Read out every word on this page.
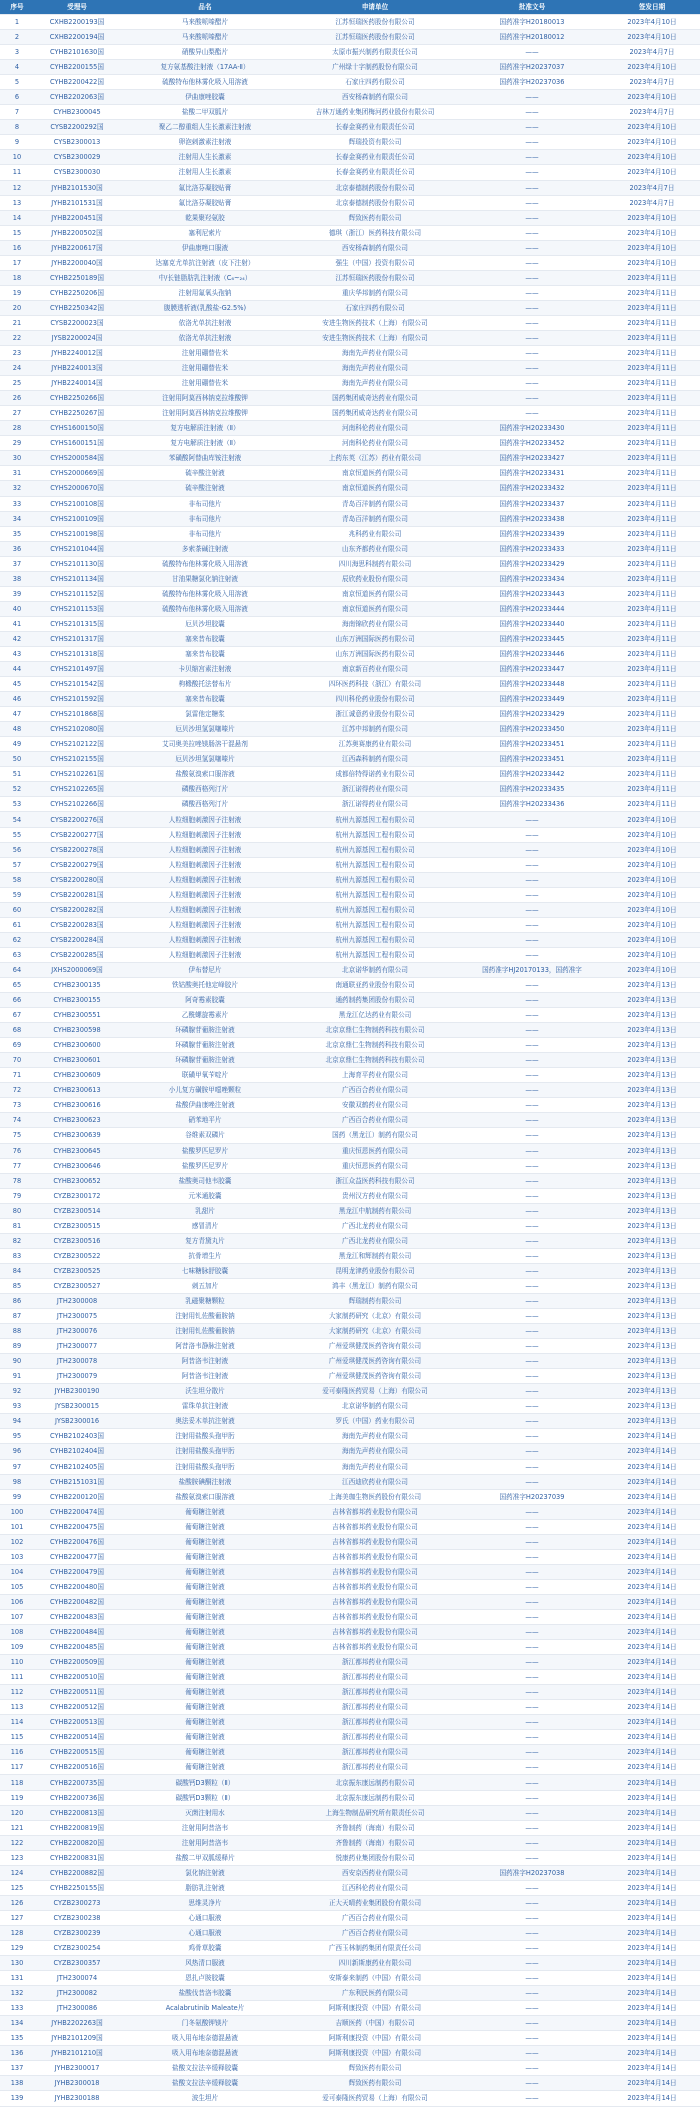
序号	受理号	品名	申请单位	批准文号	签发日期
1	CXHB2200193国	马来酸哌嗪醋片	江苏恒瑞医药股份有限公司	国药准字H20180013	2023年4月10日
2	CXHB2200194国	马来酸哌嗪醋片	江苏恒瑞医药股份有限公司	国药准字H20180012	2023年4月10日
3	CYHB2101630国	硝酸异山梨酯片	太原市振兴制药有限责任公司	——	2023年4月7日
4	CYHB2200155国	复方氨基酸注射液（17AA-Ⅱ）	广州绿十字制药股份有限公司	国药准字H20237037	2023年4月10日
5	CYHB2200422国	硫酸特布他林雾化吸入用溶液	石家庄四药有限公司	国药准字H20237036	2023年4月7日
6	CYHB2202063国	伊曲康唑胶囊	西安杨森制药有限公司	——	2023年4月10日
7	CYHB2300045	盐酸二甲双胍片	吉林万通药业集团梅河药业股份有限公司	——	2023年4月7日
8	CYSB2200292国	聚乙二醇重组人生长激素注射液	长春金赛药业有限责任公司	——	2023年4月10日
9	CYSB2300013	卵泡刺激素注射液	辉瑞投资有限公司	——	2023年4月10日
10	CYSB2300029	注射用人生长激素	长春金赛药业有限责任公司	——	2023年4月10日
11	CYSB2300030	注射用人生长激素	长春金赛药业有限责任公司	——	2023年4月10日
12	JYHB2101530国	氟比洛芬凝胶贴膏	北京泰德制药股份有限公司	——	2023年4月7日
13	JYHB2101531国	氟比洛芬凝胶贴膏	北京泰德制药股份有限公司	——	2023年4月7日
14	JYHB2200451国	乾果聚羟氨胶	辉致医药有限公司	——	2023年4月10日
15	JYHB2200502国	塞利尼索片	德琪（浙江）医药科技有限公司	——	2023年4月10日
16	JYHB2200617国	伊曲康唑口服液	西安杨森制药有限公司	——	2023年4月10日
17	JYHB2200040国	达塞克尤单抗注射液（皮下注射）	强生（中国）投资有限公司	——	2023年4月10日
18	CYHB2250189国	中/长链脂肪乳注射液（C₆~₂₄）	江苏恒瑞医药股份有限公司	——	2023年4月11日
19	CYHB2250206国	注射用氟氧头孢钠	重庆华邦制药有限公司	——	2023年4月11日
20	CYHB2250342国	腹膜透析液(乳酸盐-G2.5%)	石家庄四药有限公司	——	2023年4月11日
21	CYSB2200023国	依洛尤单抗注射液	安进生物医药技术（上海）有限公司	——	2023年4月11日
22	JYSB2200024国	依洛尤单抗注射液	安进生物医药技术（上海）有限公司	——	2023年4月11日
23	JYHB2240012国	注射用硼替佐米	海南先声药业有限公司	——	2023年4月11日
24	JYHB2240013国	注射用硼替佐米	海南先声药业有限公司	——	2023年4月11日
25	JYHB2240014国	注射用硼替佐米	海南先声药业有限公司	——	2023年4月11日
26	CYHB2250266国	注射用阿莫西林钠克拉维酸钾	国药集团威奇达药业有限公司	——	2023年4月11日
27	CYHB2250267国	注射用阿莫西林钠克拉维酸钾	国药集团威奇达药业有限公司	——	2023年4月11日
28	CYHS1600150国	复方电解质注射液（Ⅱ）	河南科伦药业有限公司	国药准字H20233430	2023年4月11日
29	CYHS1600151国	复方电解质注射液（Ⅱ）	河南科伦药业有限公司	国药准字H20233452	2023年4月11日
30	CYHS2000584国	苯磺酸阿替曲库铵注射液	上药东英（江苏）药业有限公司	国药准字H20233427	2023年4月11日
31	CYHS2000669国	硫辛酸注射液	南京恒道医药有限公司	国药准字H20233431	2023年4月11日
32	CYHS2000670国	硫辛酸注射液	南京恒道医药有限公司	国药准字H20233432	2023年4月11日
33	CYHS2100108国	非布司他片	青岛百洋制药有限公司	国药准字H20233437	2023年4月11日
34	CYHS2100109国	非布司他片	青岛百洋制药有限公司	国药准字H20233438	2023年4月11日
35	CYHS2100198国	非布司他片	兆科药业有限公司	国药准字H20233439	2023年4月11日
36	CYHS2101044国	多索茶碱注射液	山东齐都药业有限公司	国药准字H20233433	2023年4月11日
37	CYHS2101130国	硫酸特布他林雾化吸入用溶液	四川海思科制药有限公司	国药准字H20233429	2023年4月11日
38	CYHS2101134国	甘油果糖氯化钠注射液	辰欣药业股份有限公司	国药准字H20233434	2023年4月11日
39	CYHS2101152国	硫酸特布他林雾化吸入用溶液	南京恒道医药有限公司	国药准字H20233443	2023年4月11日
40	CYHS2101153国	硫酸特布他林雾化吸入用溶液	南京恒道医药有限公司	国药准字H20233444	2023年4月11日
41	CYHS2101315国	厄贝沙坦胶囊	海南锦欣药业有限公司	国药准字H20233440	2023年4月11日
42	CYHS2101317国	塞来昔布胶囊	山东万洲国际医药有限公司	国药准字H20233445	2023年4月11日
43	CYHS2101318国	塞来昔布胶囊	山东万洲国际医药有限公司	国药准字H20233446	2023年4月11日
44	CYHS2101497国	卡贝缩宫素注射液	南京新百药业有限公司	国药准字H20233447	2023年4月11日
45	CYHS2101542国	枸橼酸托法替布片	四环医药科技（浙江）有限公司	国药准字H20233448	2023年4月11日
46	CYHS2101592国	塞来昔布胶囊	四川科伦药业股份有限公司	国药准字H20233449	2023年4月11日
47	CYHS2101868国	氯雷他定糖浆	浙江诚意药业股份有限公司	国药准字H20233429	2023年4月11日
48	CYHS2102080国	厄贝沙坦氢氯噻嗪片	江苏中邦制药有限公司	国药准字H20233450	2023年4月11日
49	CYHS2102122国	艾司奥美拉唑镁肠溶干混悬剂	江苏奥赛康药业有限公司	国药准字H20233451	2023年4月11日
50	CYHS2102155国	厄贝沙坦氢氯噻嗪片	江西森科制药有限公司	国药准字H20233451	2023年4月11日
51	CYHS2102261国	盐酸氨溴索口服溶液	成都倍特得诺药业有限公司	国药准字H20233442	2023年4月11日
52	CYHS2102265国	磷酸西格列汀片	浙江诺得药业有限公司	国药准字H20233435	2023年4月11日
53	CYHS2102266国	磷酸西格列汀片	浙江诺得药业有限公司	国药准字H20233436	2023年4月11日
54	CYSB2200276国	人粒细胞刺激因子注射液	杭州九源基因工程有限公司	——	2023年4月10日
55	CYSB2200277国	人粒细胞刺激因子注射液	杭州九源基因工程有限公司	——	2023年4月10日
56	CYSB2200278国	人粒细胞刺激因子注射液	杭州九源基因工程有限公司	——	2023年4月10日
57	CYSB2200279国	人粒细胞刺激因子注射液	杭州九源基因工程有限公司	——	2023年4月10日
58	CYSB2200280国	人粒细胞刺激因子注射液	杭州九源基因工程有限公司	——	2023年4月10日
59	CYSB2200281国	人粒细胞刺激因子注射液	杭州九源基因工程有限公司	——	2023年4月10日
60	CYSB2200282国	人粒细胞刺激因子注射液	杭州九源基因工程有限公司	——	2023年4月10日
61	CYSB2200283国	人粒细胞刺激因子注射液	杭州九源基因工程有限公司	——	2023年4月10日
62	CYSB2200284国	人粒细胞刺激因子注射液	杭州九源基因工程有限公司	——	2023年4月10日
63	CYSB2200285国	人粒细胞刺激因子注射液	杭州九源基因工程有限公司	——	2023年4月10日
64	JXHS2000069国	伊布替尼片	北京诺华制药有限公司	国药准字HJ20170133，国药准字	2023年4月10日
65	CYHB2300135	铁钴酸奥托他定峰胶片	南通联亚药业股份有限公司	——	2023年4月13日
66	CYHB2300155	阿奇霉素胶囊	通药制药集团股份有限公司	——	2023年4月13日
67	CYHB2300551	乙酰螺旋霉素片	黑龙江亿达药业有限公司	——	2023年4月13日
68	CYHB2300598	环磷腺苷葡胺注射液	北京京鼎仁生物制药科技有限公司	——	2023年4月13日
69	CYHB2300600	环磷腺苷葡胺注射液	北京京鼎仁生物制药科技有限公司	——	2023年4月13日
70	CYHB2300601	环磷腺苷葡胺注射液	北京京鼎仁生物制药科技有限公司	——	2023年4月13日
71	CYHB2300609	联磺甲氧苄啶片	上海育平药业有限公司	——	2023年4月13日
72	CYHB2300613	小儿复方磺胺甲噁唑颗粒	广西百合药业有限公司	——	2023年4月13日
73	CYHB2300616	盐酸伊曲康唑注射液	安徽双鹤药业有限公司	——	2023年4月13日
74	CYHB2300623	硝苯地平片	广西百合药业有限公司	——	2023年4月13日
75	CYHB2300639	谷维素双磷片	国药（黑龙江）制药有限公司	——	2023年4月13日
76	CYHB2300645	盐酸罗匹尼罗片	重庆恒恩医药有限公司	——	2023年4月13日
77	CYHB2300646	盐酸罗匹尼罗片	重庆恒恩医药有限公司	——	2023年4月13日
78	CYHB2300652	盐酸奥司他韦胶囊	浙江众益医药科技有限公司	——	2023年4月13日
79	CYZB2300172	元米通胶囊	贵州汉方药业有限公司	——	2023年4月13日
80	CYZB2300514	乳甜片	黑龙江中航制药有限公司	——	2023年4月13日
81	CYZB2300515	感冒清片	广西北龙药业有限公司	——	2023年4月13日
82	CYZB2300516	复方青黛丸片	广西北龙药业有限公司	——	2023年4月13日
83	CYZB2300522	抗骨增生片	黑龙江和辉制药有限公司	——	2023年4月13日
84	CYZB2300525	七味糖脉舒胶囊	昆明龙津药业股份有限公司	——	2023年4月13日
85	CYZB2300527	刺五加片	鸿丰（黑龙江）制药有限公司	——	2023年4月13日
86	JTH2300008	乳磁聚糖颗粒	辉瑞制药有限公司	——	2023年4月13日
87	JTH2300075	注射用钆佐酸葡胺钠	大家制药研究（北京）有限公司	——	2023年4月13日
88	JTH2300076	注射用钆佐酸葡胺钠	大家制药研究（北京）有限公司	——	2023年4月13日
89	JTH2300077	阿昔洛韦静脉注射液	广州爱琪健茂医药咨询有限公司	——	2023年4月13日
90	JTH2300078	阿昔洛韦注射液	广州爱琪健茂医药咨询有限公司	——	2023年4月13日
91	JTH2300079	阿昔洛韦注射液	广州爱琪健茂医药咨询有限公司	——	2023年4月13日
92	JYHB2300190	沃生坦分散片	爱可泰隆医药贸易（上海）有限公司	——	2023年4月13日
93	JYSB2300015	雷珠单抗注射液	北京诺华制药有限公司	——	2023年4月13日
94	JYSB2300016	奥法妥木单抗注射液	罗氏（中国）药业有限公司	——	2023年4月13日
95	CYHB2102403国	注射用盐酸头孢甲肟	海南先声药业有限公司	——	2023年4月14日
96	CYHB2102404国	注射用盐酸头孢甲肟	海南先声药业有限公司	——	2023年4月14日
97	CYHB2102405国	注射用盐酸头孢甲肟	海南先声药业有限公司	——	2023年4月14日
98	CYHB2151031国	盐酸胺碘酮注射液	江西迪欣药业有限公司	——	2023年4月14日
99	CYHB2200120国	盐酸氨溴索口服溶液	上海美珈生物医药股份有限公司	国药准字H20237039	2023年4月14日
100	CYHB2200474国	葡萄糖注射液	吉林省都邦药业股份有限公司	——	2023年4月14日
101	CYHB2200475国	葡萄糖注射液	吉林省都邦药业股份有限公司	——	2023年4月14日
102	CYHB2200476国	葡萄糖注射液	吉林省都邦药业股份有限公司	——	2023年4月14日
103	CYHB2200477国	葡萄糖注射液	吉林省都邦药业股份有限公司	——	2023年4月14日
104	CYHB2200479国	葡萄糖注射液	吉林省都邦药业股份有限公司	——	2023年4月14日
105	CYHB2200480国	葡萄糖注射液	吉林省都邦药业股份有限公司	——	2023年4月14日
106	CYHB2200482国	葡萄糖注射液	吉林省都邦药业股份有限公司	——	2023年4月14日
107	CYHB2200483国	葡萄糖注射液	吉林省都邦药业股份有限公司	——	2023年4月14日
108	CYHB2200484国	葡萄糖注射液	吉林省都邦药业股份有限公司	——	2023年4月14日
109	CYHB2200485国	葡萄糖注射液	吉林省都邦药业股份有限公司	——	2023年4月14日
110	CYHB2200509国	葡萄糖注射液	浙江都邦药业有限公司	——	2023年4月14日
111	CYHB2200510国	葡萄糖注射液	浙江都邦药业有限公司	——	2023年4月14日
112	CYHB2200511国	葡萄糖注射液	浙江都邦药业有限公司	——	2023年4月14日
113	CYHB2200512国	葡萄糖注射液	浙江都邦药业有限公司	——	2023年4月14日
114	CYHB2200513国	葡萄糖注射液	浙江都邦药业有限公司	——	2023年4月14日
115	CYHB2200514国	葡萄糖注射液	浙江都邦药业有限公司	——	2023年4月14日
116	CYHB2200515国	葡萄糖注射液	浙江都邦药业有限公司	——	2023年4月14日
117	CYHB2200516国	葡萄糖注射液	浙江都邦药业有限公司	——	2023年4月14日
118	CYHB2200735国	碳酸钙D3颗粒（Ⅱ）	北京振东康远制药有限公司	——	2023年4月14日
119	CYHB2200736国	碳酸钙D3颗粒（Ⅱ）	北京振东康远制药有限公司	——	2023年4月14日
120	CYHB2200813国	灭菌注射用水	上海生物制品研究所有限责任公司	——	2023年4月14日
121	CYHB2200819国	注射用阿昔洛韦	齐鲁制药（海南）有限公司	——	2023年4月14日
122	CYHB2200820国	注射用阿昔洛韦	齐鲁制药（海南）有限公司	——	2023年4月14日
123	CYHB2200831国	盐酸二甲双胍缓释片	悦康药业集团股份有限公司	——	2023年4月14日
124	CYHB2200882国	氯化钠注射液	西安京西药业有限公司	国药准字H20237038	2023年4月14日
125	CYHB2250155国	脂肪乳注射液	江西科伦药业有限公司	——	2023年4月14日
126	CYZB2300273	思维灵净片	正大天晴药业集团股份有限公司	——	2023年4月14日
127	CYZB2300238	心通口服液	广西百合药业有限公司	——	2023年4月14日
128	CYZB2300239	心通口服液	广西百合药业有限公司	——	2023年4月14日
129	CYZB2300254	鸡骨草胶囊	广西玉林制药集团有限责任公司	——	2023年4月14日
130	CYZB2300357	风热清口服液	四川新斯康药业有限公司	——	2023年4月14日
131	JTH2300074	恩扎卢胺胶囊	安斯泰来制药（中国）有限公司	——	2023年4月14日
132	JTH2300082	盐酸伐昔洛韦胶囊	广东利民医药有限公司	——	2023年4月14日
133	JTH2300086	Acalabrutinib Maleate片	阿斯利康投资（中国）有限公司	——	2023年4月14日
134	JYHB2202263国	门冬氨酸钾镁片	吉顺医药（中国）有限公司	——	2023年4月14日
135	JYHB2101209国	吸入用布地奈德混悬液	阿斯利康投资（中国）有限公司	——	2023年4月14日
136	JYHB2101210国	吸入用布地奈德混悬液	阿斯利康投资（中国）有限公司	——	2023年4月14日
137	JYHB2300017	盐酸文拉法辛缓释胶囊	辉致医药有限公司	——	2023年4月14日
138	JYHB2300018	盐酸文拉法辛缓释胶囊	辉致医药有限公司	——	2023年4月14日
139	JYHB2300188	波生坦片	爱可泰隆医药贸易（上海）有限公司	——	2023年4月14日
